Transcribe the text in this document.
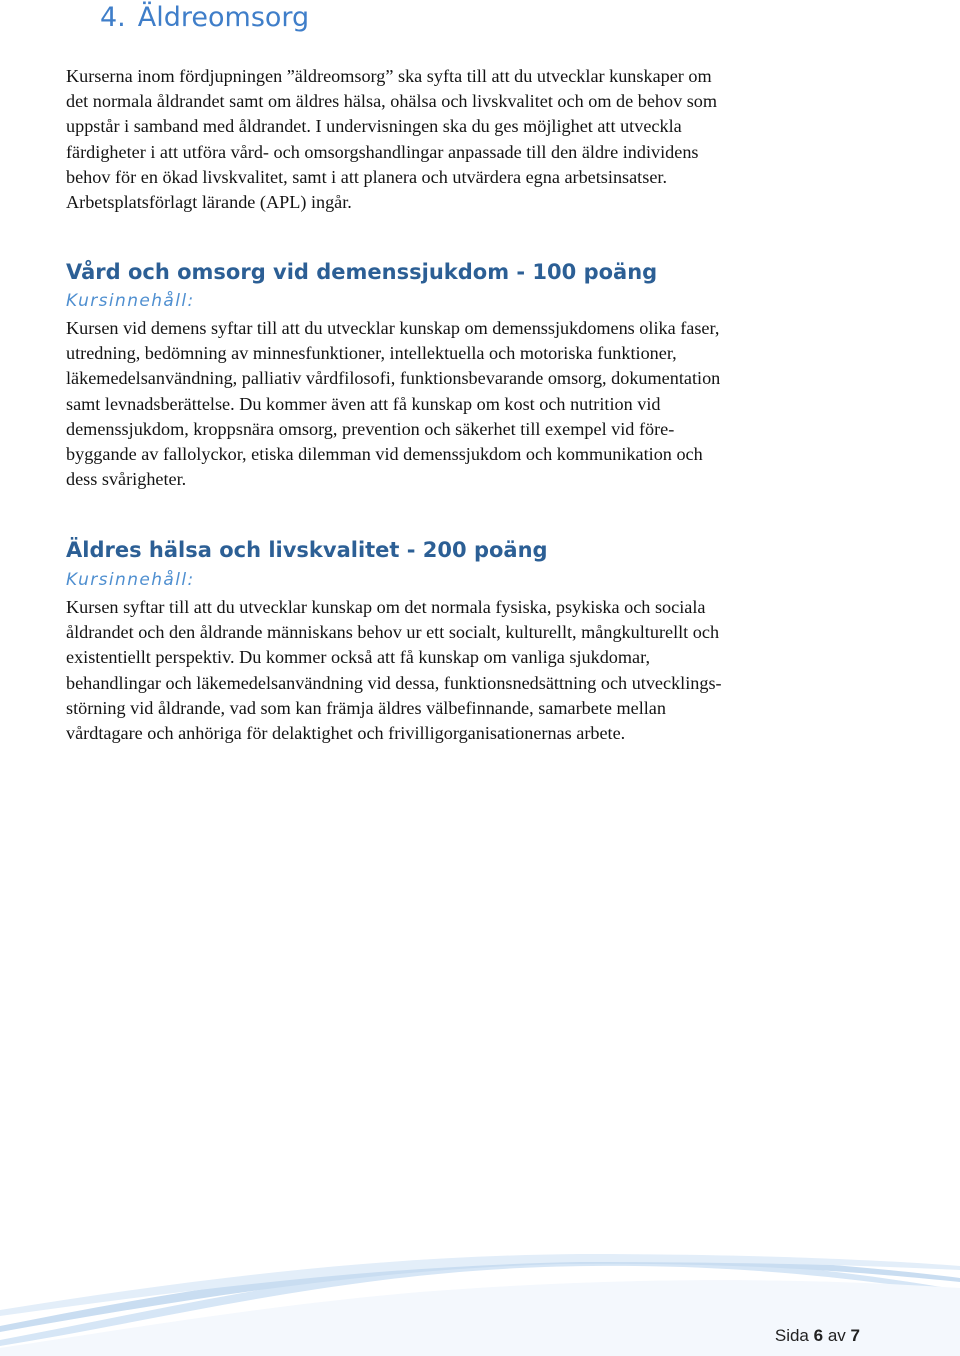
4. Äldreomsorg

Kurserna inom fördjupningen ”äldreomsorg” ska syfta till att du utvecklar kunskaper om
det normala åldrandet samt om äldres hälsa, ohälsa och livskvalitet och om de behov som
uppstår i samband med åldrandet. I undervisningen ska du ges möjlighet att utveckla
färdigheter i att utföra vård- och omsorgshandlingar anpassade till den äldre individens
behov för en ökad livskvalitet, samt i att planera och utvärdera egna arbetsinsatser.
Arbetsplatsförlagt lärande (APL) ingår.

Vård och omsorg vid demenssjukdom - 100 poäng
Kursinnehåll:

Kursen vid demens syftar till att du utvecklar kunskap om demenssjukdomens olika faser,
utredning, bedömning av minnesfunktioner, intellektuella och motoriska funktioner,
läkemedelsanvändning, palliativ vårdfilosofi, funktionsbevarande omsorg, dokumentation
samt levnadsberättelse. Du kommer även att få kunskap om kost och nutrition vid
demenssjukdom, kroppsnära omsorg, prevention och säkerhet till exempel vid före-
byggande av fallolyckor, etiska dilemman vid demenssjukdom och kommunikation och
dess svårigheter.

Äldres hälsa och livskvalitet - 200 poäng
Kursinnehåll:

Kursen syftar till att du utvecklar kunskap om det normala fysiska, psykiska och sociala
åldrandet och den åldrande människans behov ur ett socialt, kulturellt, mångkulturellt och
existentiellt perspektiv. Du kommer också att få kunskap om vanliga sjukdomar,
behandlingar och läkemedelsanvändning vid dessa, funktionsnedsättning och utvecklings-
störning vid åldrande, vad som kan främja äldres välbefinnande, samarbete mellan
vårdtagare och anhöriga för delaktighet och frivilligorganisationernas arbete.

Sida 6 av 7
